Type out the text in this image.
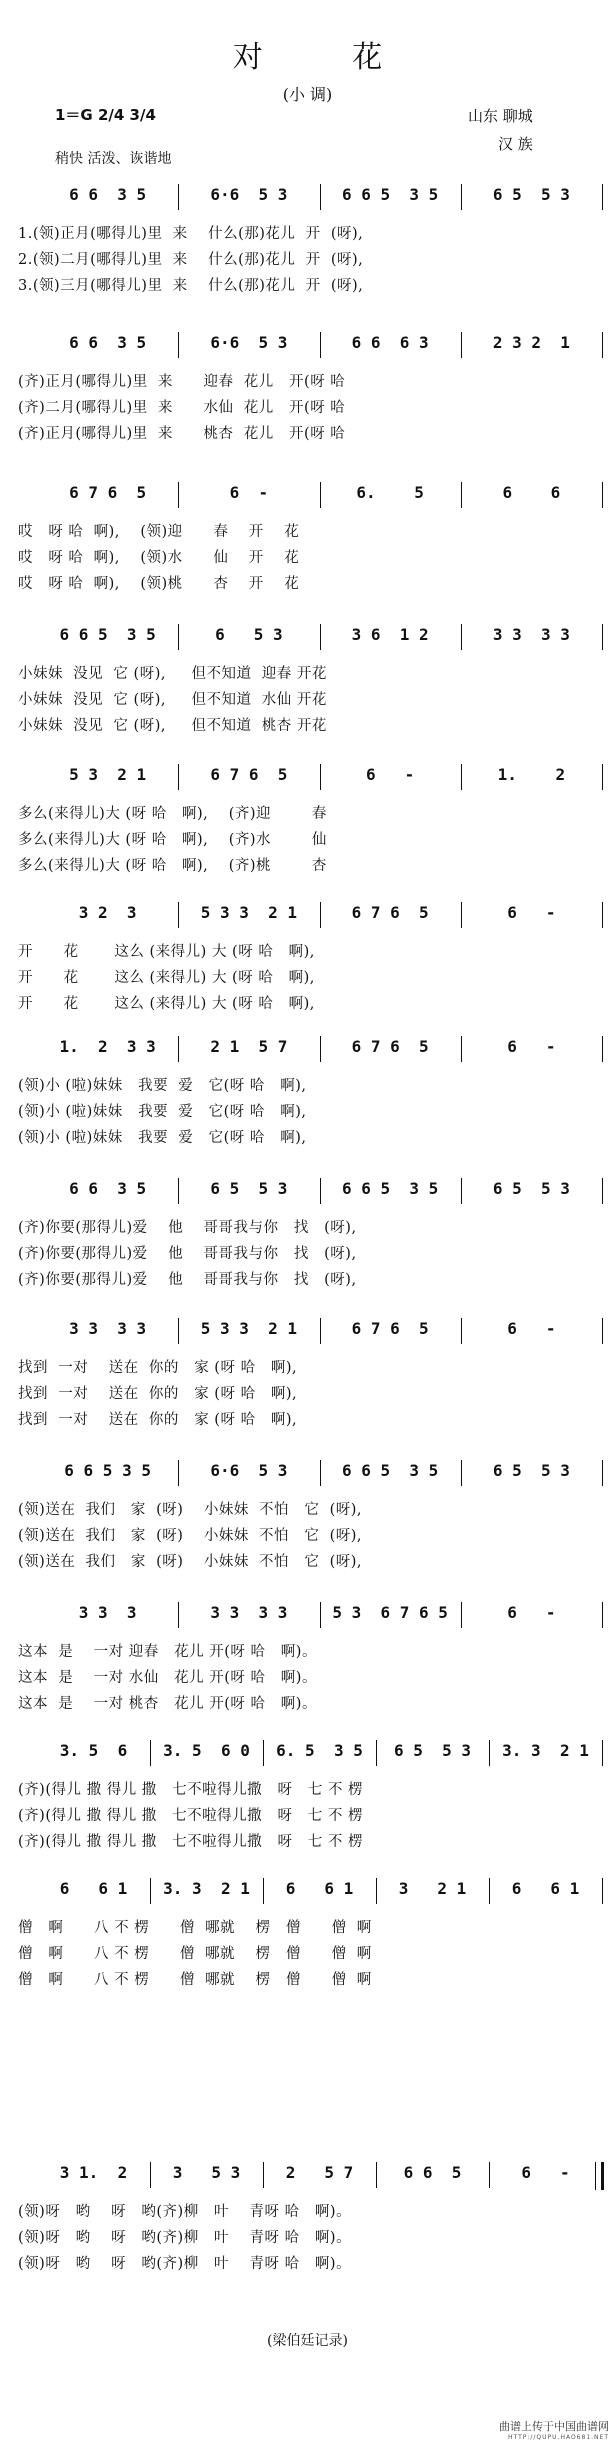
对 花
(小 调)
山东 聊城
汉 族
1＝G 2/4 3/4
稍快 活泼、诙谐地
6 6  3 5	6·6  5 3	6 6 5  3 5	6 5  5 3
1.(领)正月(哪得儿)里  来    什么(那)花儿  开  (呀),
2.(领)二月(哪得儿)里  来    什么(那)花儿  开  (呀),
3.(领)三月(哪得儿)里  来    什么(那)花儿  开  (呀),
6 6  3 5	6·6  5 3	6 6  6 3	2 3 2  1
(齐)正月(哪得儿)里  来      迎春  花儿   开(呀 哈
(齐)二月(哪得儿)里  来      水仙  花儿   开(呀 哈
(齐)正月(哪得儿)里  来      桃杏  花儿   开(呀 哈
6 7 6  5	6  -	6.    5	6    6
哎   呀 哈  啊),    (领)迎      春    开    花
哎   呀 哈  啊),    (领)水      仙    开    花
哎   呀 哈  啊),    (领)桃      杏    开    花
6 6 5  3 5	6   5 3	3 6  1 2	3 3  3 3
小妹妹  没见  它 (呀),     但不知道  迎春 开花
小妹妹  没见  它 (呀),     但不知道  水仙 开花
小妹妹  没见  它 (呀),     但不知道  桃杏 开花
5 3  2 1	6 7 6  5	6   -	1.    2
多么(来得儿)大 (呀 哈   啊),    (齐)迎        春
多么(来得儿)大 (呀 哈   啊),    (齐)水        仙
多么(来得儿)大 (呀 哈   啊),    (齐)桃        杏
3 2  3	5 3 3  2 1	6 7 6  5	6   -
开      花       这么 (来得儿) 大 (呀 哈   啊),
开      花       这么 (来得儿) 大 (呀 哈   啊),
开      花       这么 (来得儿) 大 (呀 哈   啊),
1.  2  3 3	2 1  5 7	6 7 6  5	6   -
(领)小 (啦)妹妹   我要  爱   它(呀 哈   啊),
(领)小 (啦)妹妹   我要  爱   它(呀 哈   啊),
(领)小 (啦)妹妹   我要  爱   它(呀 哈   啊),
6 6  3 5	6 5  5 3	6 6 5  3 5	6 5  5 3
(齐)你要(那得儿)爱    他    哥哥我与你   找   (呀),
(齐)你要(那得儿)爱    他    哥哥我与你   找   (呀),
(齐)你要(那得儿)爱    他    哥哥我与你   找   (呀),
3 3  3 3	5 3 3  2 1	6 7 6  5	6   -
找到  一对    送在  你的   家 (呀 哈   啊),
找到  一对    送在  你的   家 (呀 哈   啊),
找到  一对    送在  你的   家 (呀 哈   啊),
6 6 5 3 5	6·6  5 3	6 6 5  3 5	6 5  5 3
(领)送在  我们   家  (呀)    小妹妹  不怕   它  (呀),
(领)送在  我们   家  (呀)    小妹妹  不怕   它  (呀),
(领)送在  我们   家  (呀)    小妹妹  不怕   它  (呀),
3 3  3	3 3  3 3	5 3  6 7 6 5	6   -
这本  是    一对 迎春   花儿 开(呀 哈   啊)。
这本  是    一对 水仙   花儿 开(呀 哈   啊)。
这本  是    一对 桃杏   花儿 开(呀 哈   啊)。
3. 5  6	3. 5  6 0	6. 5  3 5	6 5  5 3	3. 3  2 1
(齐)(得儿 撒 得儿 撒   七不啦得儿撒   呀   七 不 楞
(齐)(得儿 撒 得儿 撒   七不啦得儿撒   呀   七 不 楞
(齐)(得儿 撒 得儿 撒   七不啦得儿撒   呀   七 不 楞
6   6 1	3. 3  2 1	6   6 1	3   2 1	6   6 1
僧   啊      八 不 楞      僧  哪就    楞   僧      僧  啊
僧   啊      八 不 楞      僧  哪就    楞   僧      僧  啊
僧   啊      八 不 楞      僧  哪就    楞   僧      僧  啊
3 1.  2	3   5 3	2   5 7	6 6  5	6   -
(领)呀   哟    呀   哟(齐)柳   叶    青呀 哈   啊)。
(领)呀   哟    呀   哟(齐)柳   叶    青呀 哈   啊)。
(领)呀   哟    呀   哟(齐)柳   叶    青呀 哈   啊)。
(梁伯廷记录)
曲谱上传于中国曲谱网
HTTP://QUPU.HAO681.NET
